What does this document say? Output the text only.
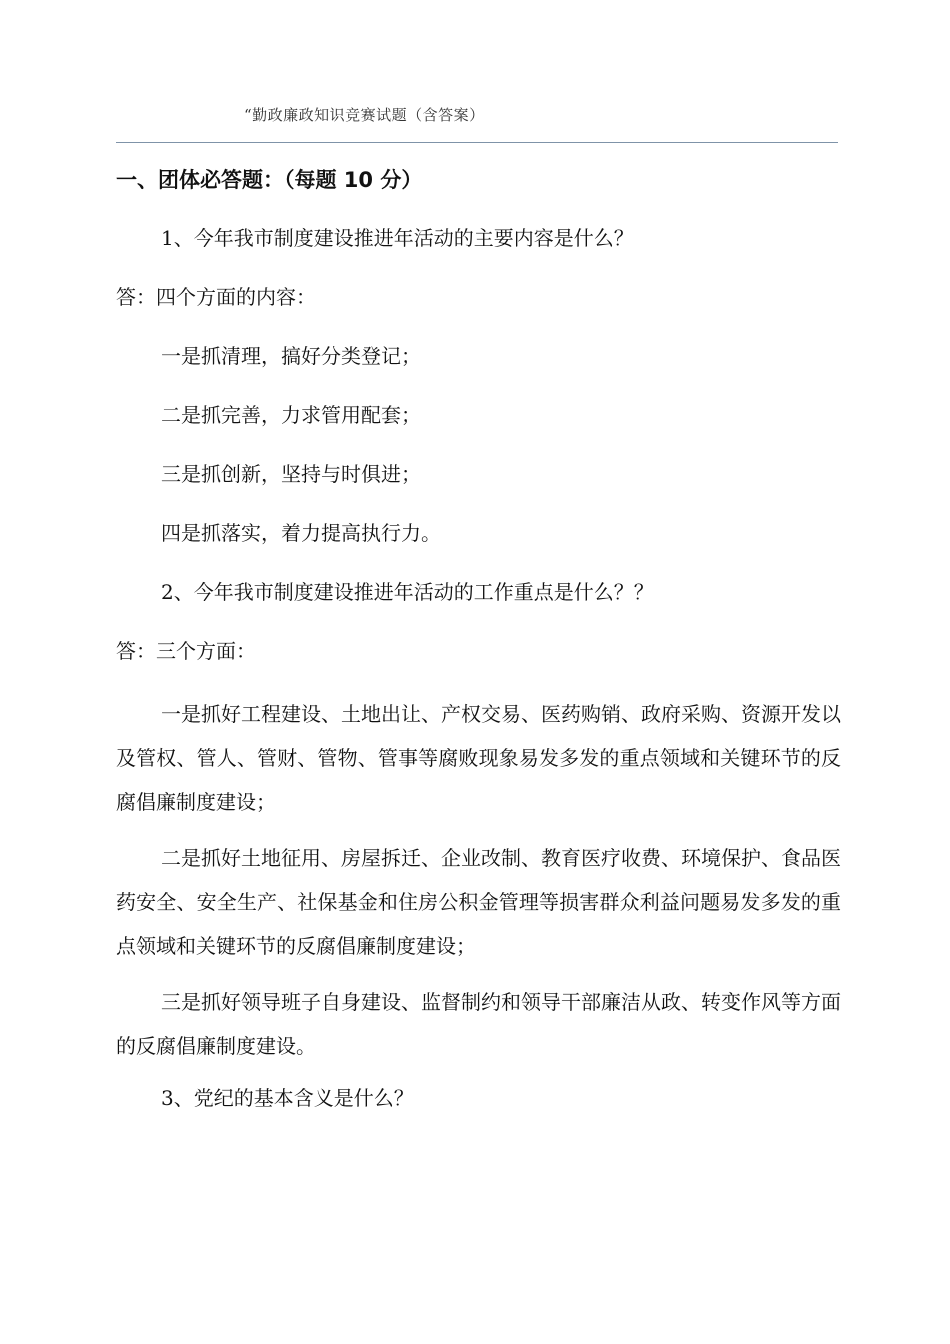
“勤政廉政知识竞赛试题（含答案）
一、团体必答题：（每题 10 分）
1、今年我市制度建设推进年活动的主要内容是什么？
答：四个方面的内容：
一是抓清理，搞好分类登记；
二是抓完善，力求管用配套；
三是抓创新，坚持与时俱进；
四是抓落实，着力提高执行力。
2、今年我市制度建设推进年活动的工作重点是什么？？
答：三个方面：
一是抓好工程建设、土地出让、产权交易、医药购销、政府采购、资源开发以及管权、管人、管财、管物、管事等腐败现象易发多发的重点领域和关键环节的反腐倡廉制度建设；
二是抓好土地征用、房屋拆迁、企业改制、教育医疗收费、环境保护、食品医药安全、安全生产、社保基金和住房公积金管理等损害群众利益问题易发多发的重点领域和关键环节的反腐倡廉制度建设；
三是抓好领导班子自身建设、监督制约和领导干部廉洁从政、转变作风等方面的反腐倡廉制度建设。
3、党纪的基本含义是什么？
